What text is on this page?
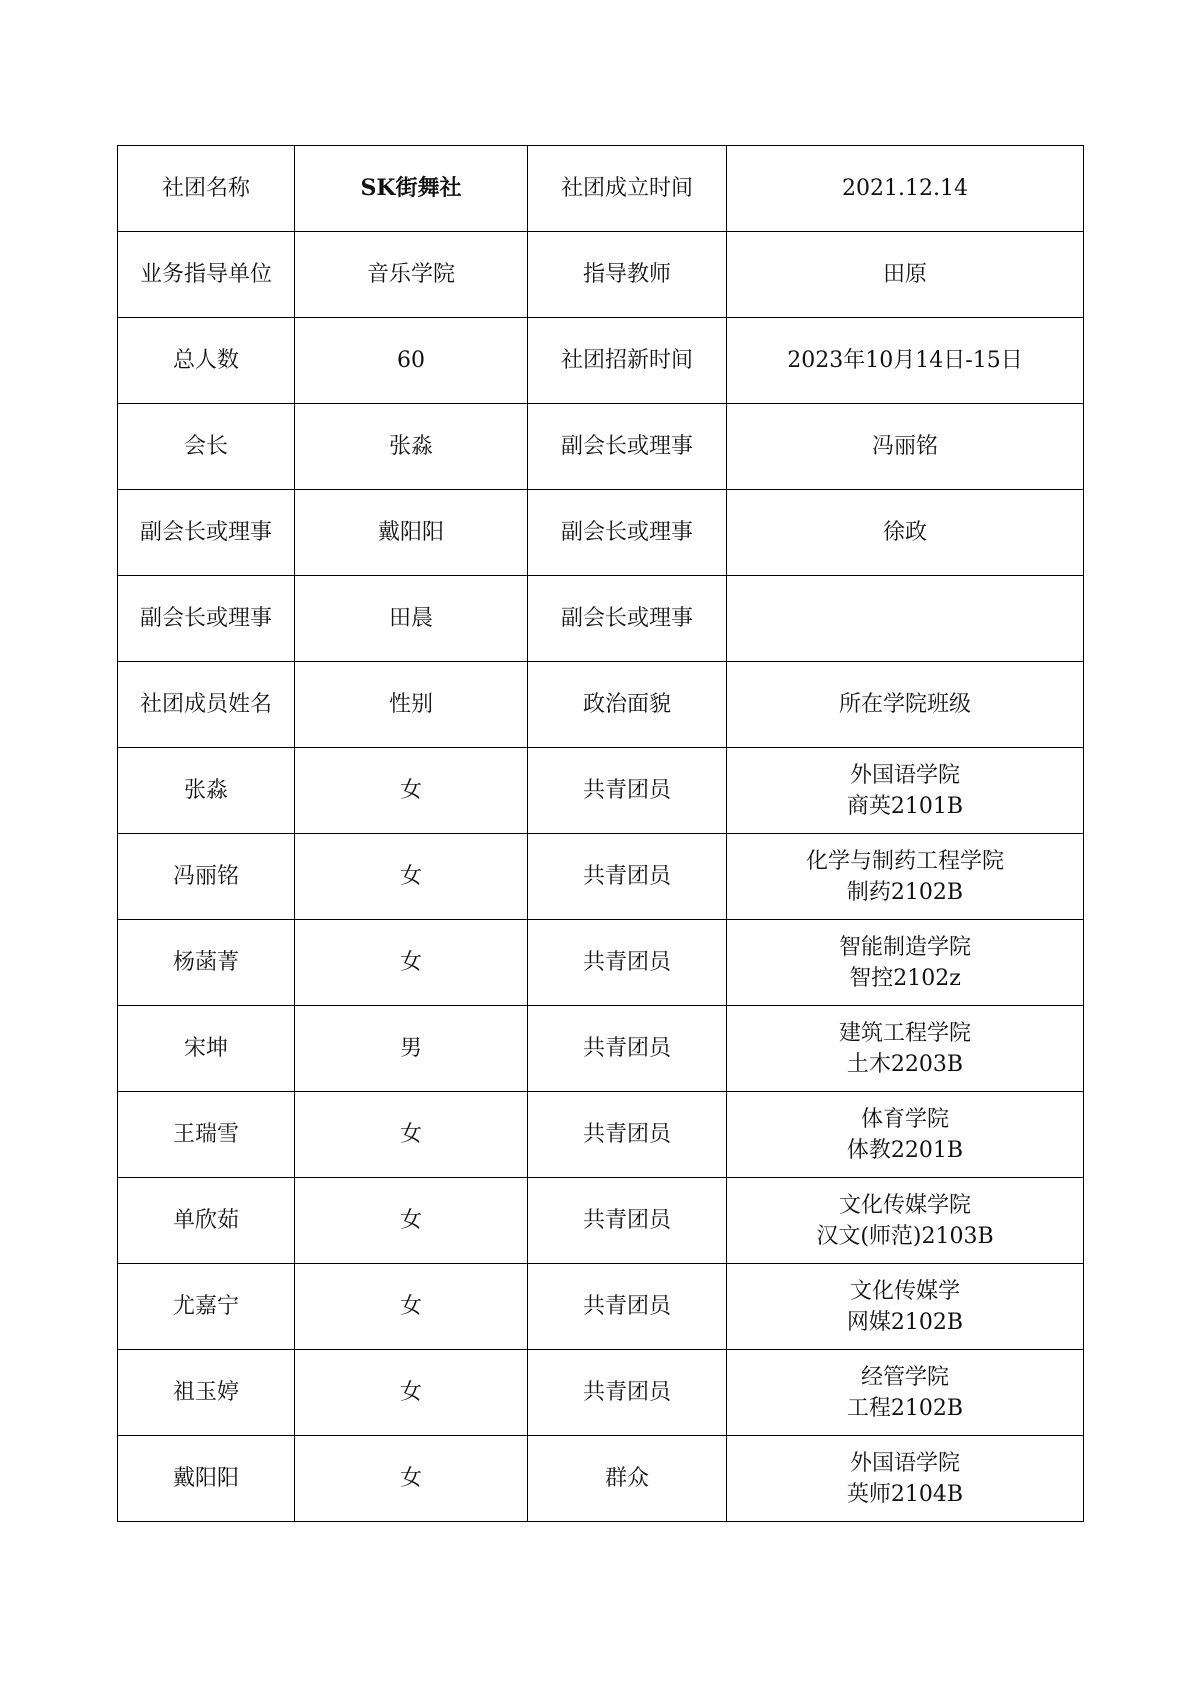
社团名称	SK街舞社	社团成立时间	2021.12.14
业务指导单位	音乐学院	指导教师	田原
总人数	60	社团招新时间	2023年10月14日-15日
会长	张淼	副会长或理事	冯丽铭
副会长或理事	戴阳阳	副会长或理事	徐政
副会长或理事	田晨	副会长或理事	
社团成员姓名	性别	政治面貌	所在学院班级
张淼	女	共青团员	外国语学院
商英2101B

冯丽铭	女	共青团员	化学与制药工程学院
制药2102B

杨菡菁	女	共青团员	智能制造学院
智控2102z

宋坤	男	共青团员	建筑工程学院
土木2203B

王瑞雪	女	共青团员	体育学院
体教2201B

单欣茹	女	共青团员	文化传媒学院
汉文(师范)2103B

尤嘉宁	女	共青团员	文化传媒学
网媒2102B

祖玉婷	女	共青团员	经管学院
工程2102B

戴阳阳	女	群众	外国语学院
英师2104B
